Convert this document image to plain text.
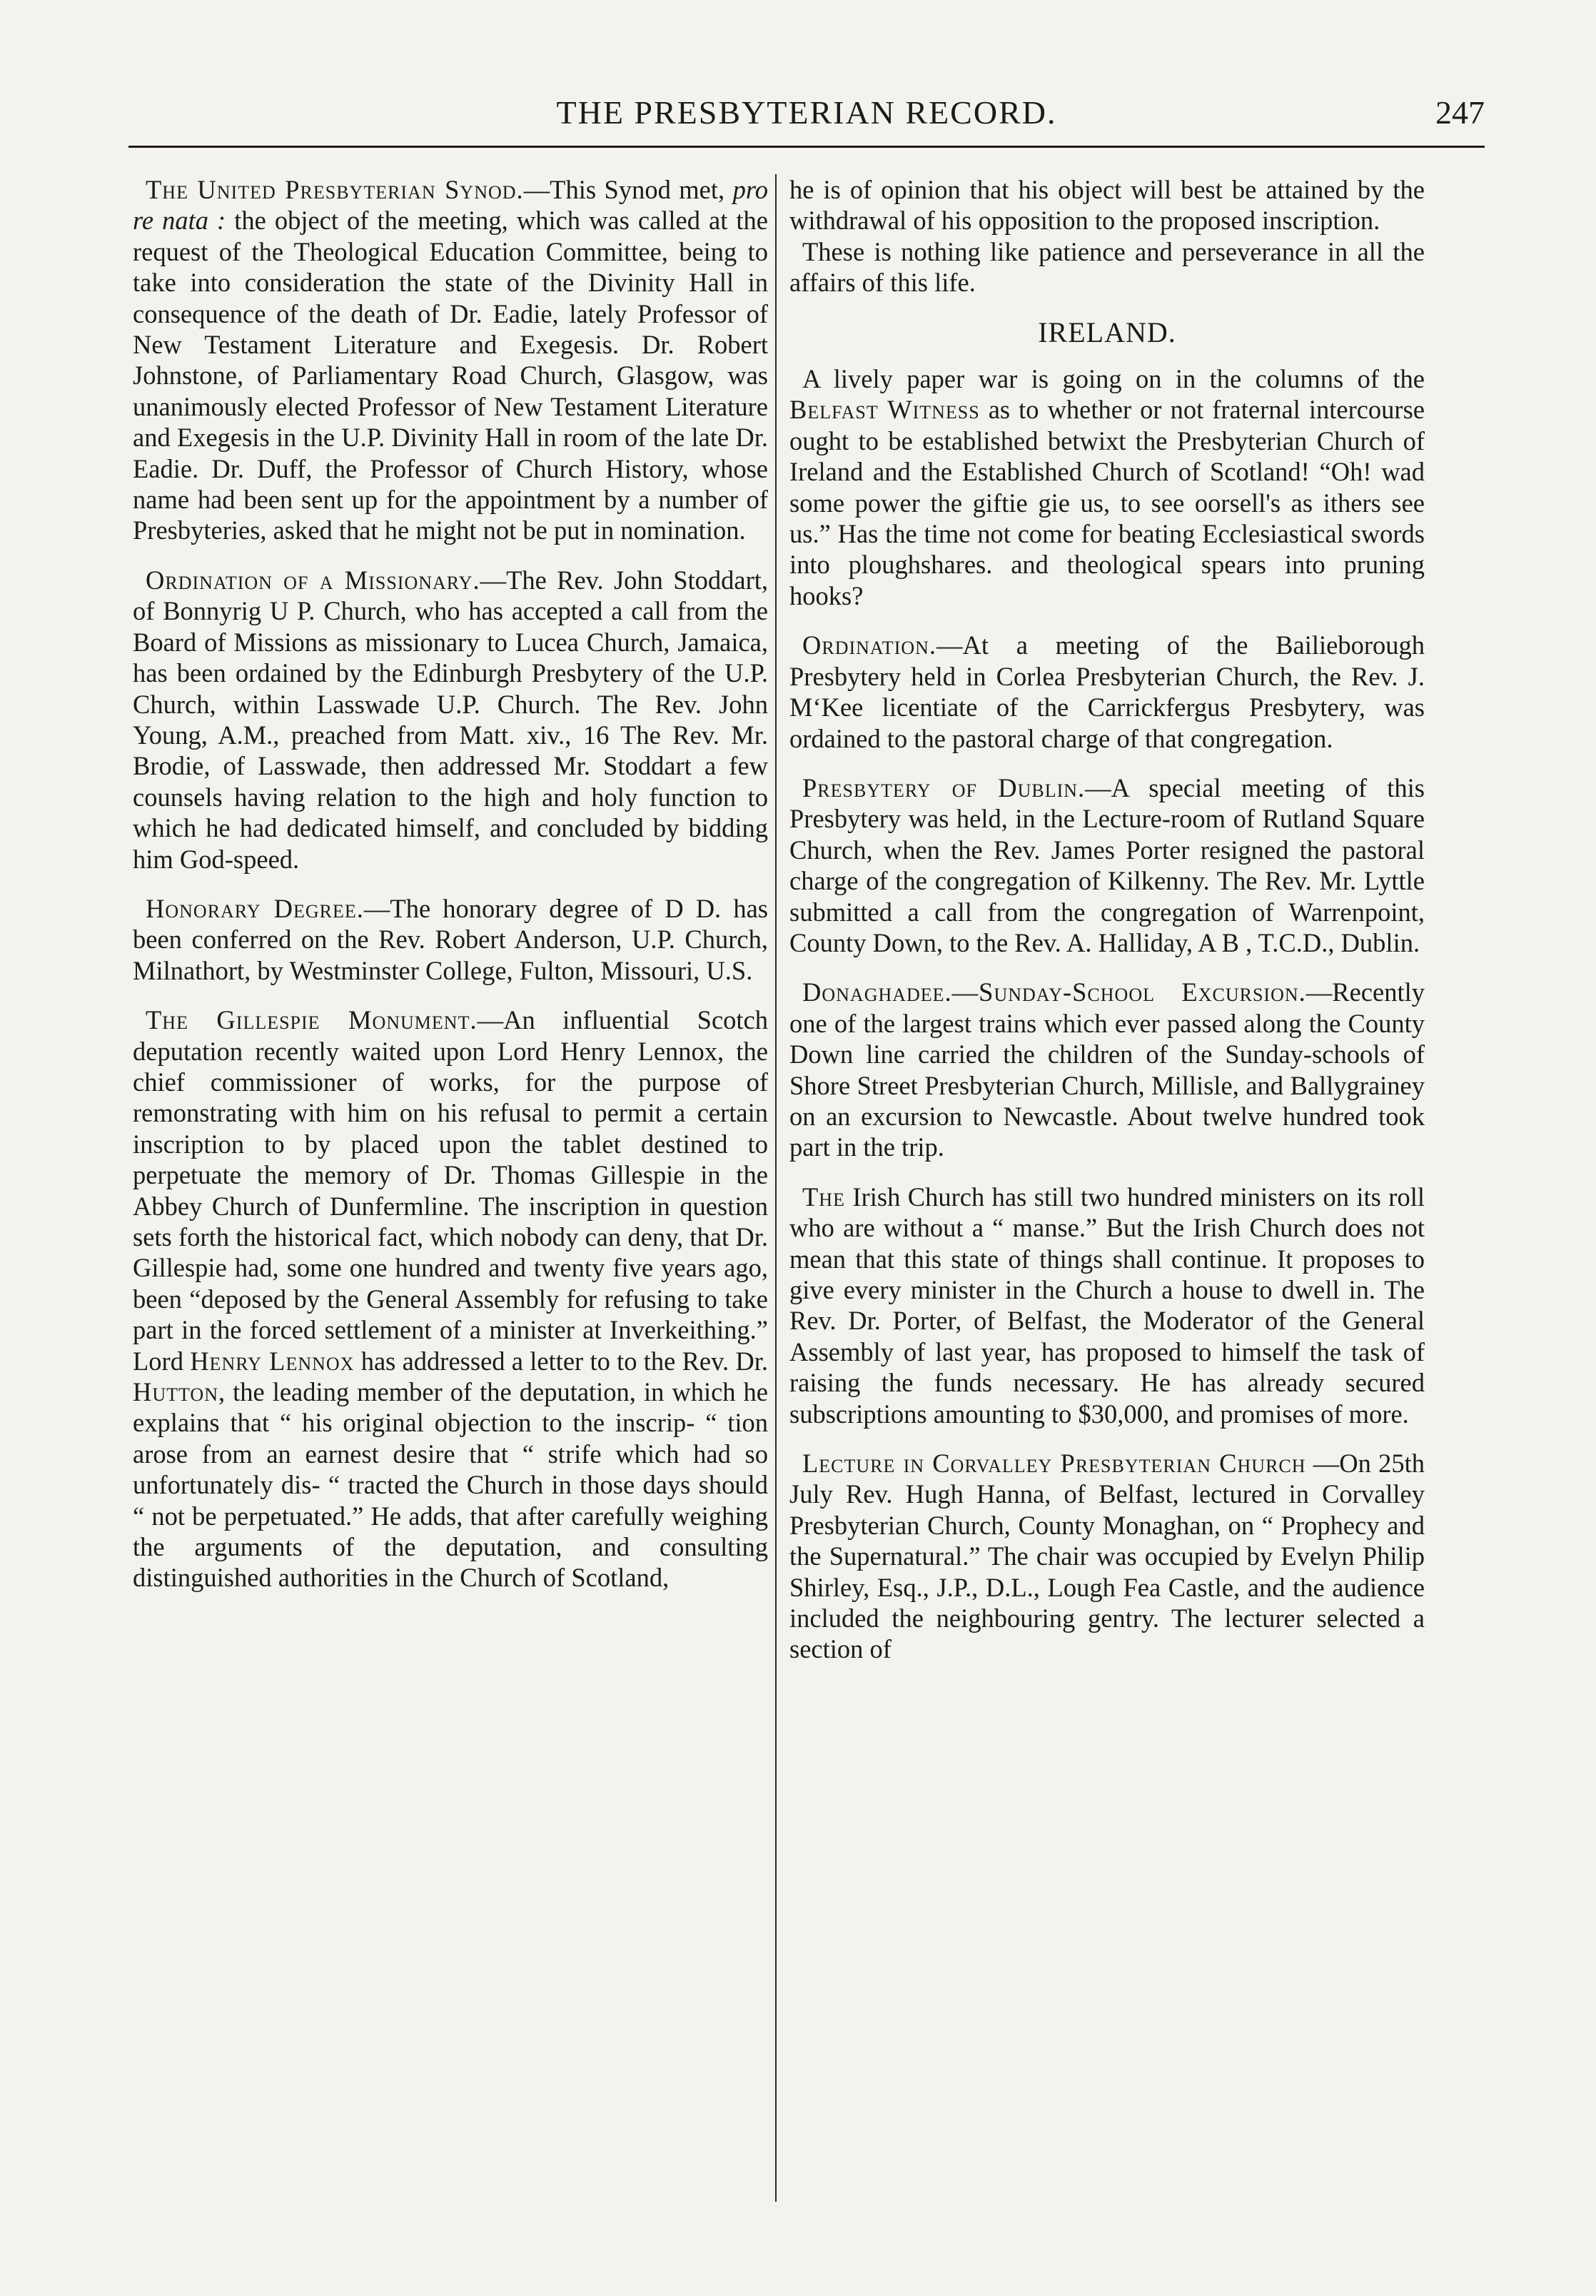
THE PRESBYTERIAN RECORD.	247

The United Presbyterian Synod.—This Synod met, pro re nata : the object of the meeting, which was called at the request of the Theological Education Committee, being to take into consideration the state of the Divinity Hall in consequence of the death of Dr. Eadie, lately Professor of New Testament Literature and Exegesis. Dr. Robert Johnstone, of Parliamentary Road Church, Glasgow, was unanimously elected Professor of New Testament Literature and Exegesis in the U.P. Divinity Hall in room of the late Dr. Eadie. Dr. Duff, the Professor of Church History, whose name had been sent up for the appointment by a number of Presbyteries, asked that he might not be put in nomination.

Ordination of a Missionary.—The Rev. John Stoddart, of Bonnyrig U P. Church, who has accepted a call from the Board of Missions as missionary to Lucea Church, Jamaica, has been ordained by the Edinburgh Presbytery of the U.P. Church, within Lasswade U.P. Church. The Rev. John Young, A.M., preached from Matt. xiv., 16 The Rev. Mr. Brodie, of Lasswade, then addressed Mr. Stoddart a few counsels having relation to the high and holy function to which he had dedicated himself, and concluded by bidding him God-speed.

Honorary Degree.—The honorary degree of D D. has been conferred on the Rev. Robert Anderson, U.P. Church, Milnathort, by Westminster College, Fulton, Missouri, U.S.

The Gillespie Monument.—An influential Scotch deputation recently waited upon Lord Henry Lennox, the chief commissioner of works, for the purpose of remonstrating with him on his refusal to permit a certain inscription to by placed upon the tablet destined to perpetuate the memory of Dr. Thomas Gillespie in the Abbey Church of Dunfermline. The inscription in question sets forth the historical fact, which nobody can deny, that Dr. Gillespie had, some one hundred and twenty five years ago, been “deposed by the General Assembly for refusing to take part in the forced settlement of a minister at Inverkeithing.” Lord Henry Lennox has addressed a letter to to the Rev. Dr. Hutton, the leading member of the deputation, in which he explains that “ his original objection to the inscrip- “ tion arose from an earnest desire that “ strife which had so unfortunately dis- “ tracted the Church in those days should “ not be perpetuated.” He adds, that after carefully weighing the arguments of the deputation, and consulting distinguished authorities in the Church of Scotland,

he is of opinion that his object will best be attained by the withdrawal of his opposition to the proposed inscription.

These is nothing like patience and perseverance in all the affairs of this life.

IRELAND.

A lively paper war is going on in the columns of the Belfast Witness as to whether or not fraternal intercourse ought to be established betwixt the Presbyterian Church of Ireland and the Established Church of Scotland! “Oh! wad some power the giftie gie us, to see oorsell's as ithers see us.” Has the time not come for beating Ecclesiastical swords into ploughshares. and theological spears into pruning hooks?

Ordination.—At a meeting of the Bailieborough Presbytery held in Corlea Presbyterian Church, the Rev. J. M‘Kee licentiate of the Carrickfergus Presbytery, was ordained to the pastoral charge of that congregation.

Presbytery of Dublin.—A special meeting of this Presbytery was held, in the Lecture-room of Rutland Square Church, when the Rev. James Porter resigned the pastoral charge of the congregation of Kilkenny. The Rev. Mr. Lyttle submitted a call from the congregation of Warrenpoint, County Down, to the Rev. A. Halliday, A B , T.C.D., Dublin.

Donaghadee.—Sunday-School Excursion.—Recently one of the largest trains which ever passed along the County Down line carried the children of the Sunday-schools of Shore Street Presbyterian Church, Millisle, and Ballygrainey on an excursion to Newcastle. About twelve hundred took part in the trip.

The Irish Church has still two hundred ministers on its roll who are without a “ manse.” But the Irish Church does not mean that this state of things shall continue. It proposes to give every minister in the Church a house to dwell in. The Rev. Dr. Porter, of Belfast, the Moderator of the General Assembly of last year, has proposed to himself the task of raising the funds necessary. He has already secured subscriptions amounting to $30,000, and promises of more.

Lecture in Corvalley Presbyterian Church —On 25th July Rev. Hugh Hanna, of Belfast, lectured in Corvalley Presbyterian Church, County Monaghan, on “ Prophecy and the Supernatural.” The chair was occupied by Evelyn Philip Shirley, Esq., J.P., D.L., Lough Fea Castle, and the audience included the neighbouring gentry. The lecturer selected a section of
